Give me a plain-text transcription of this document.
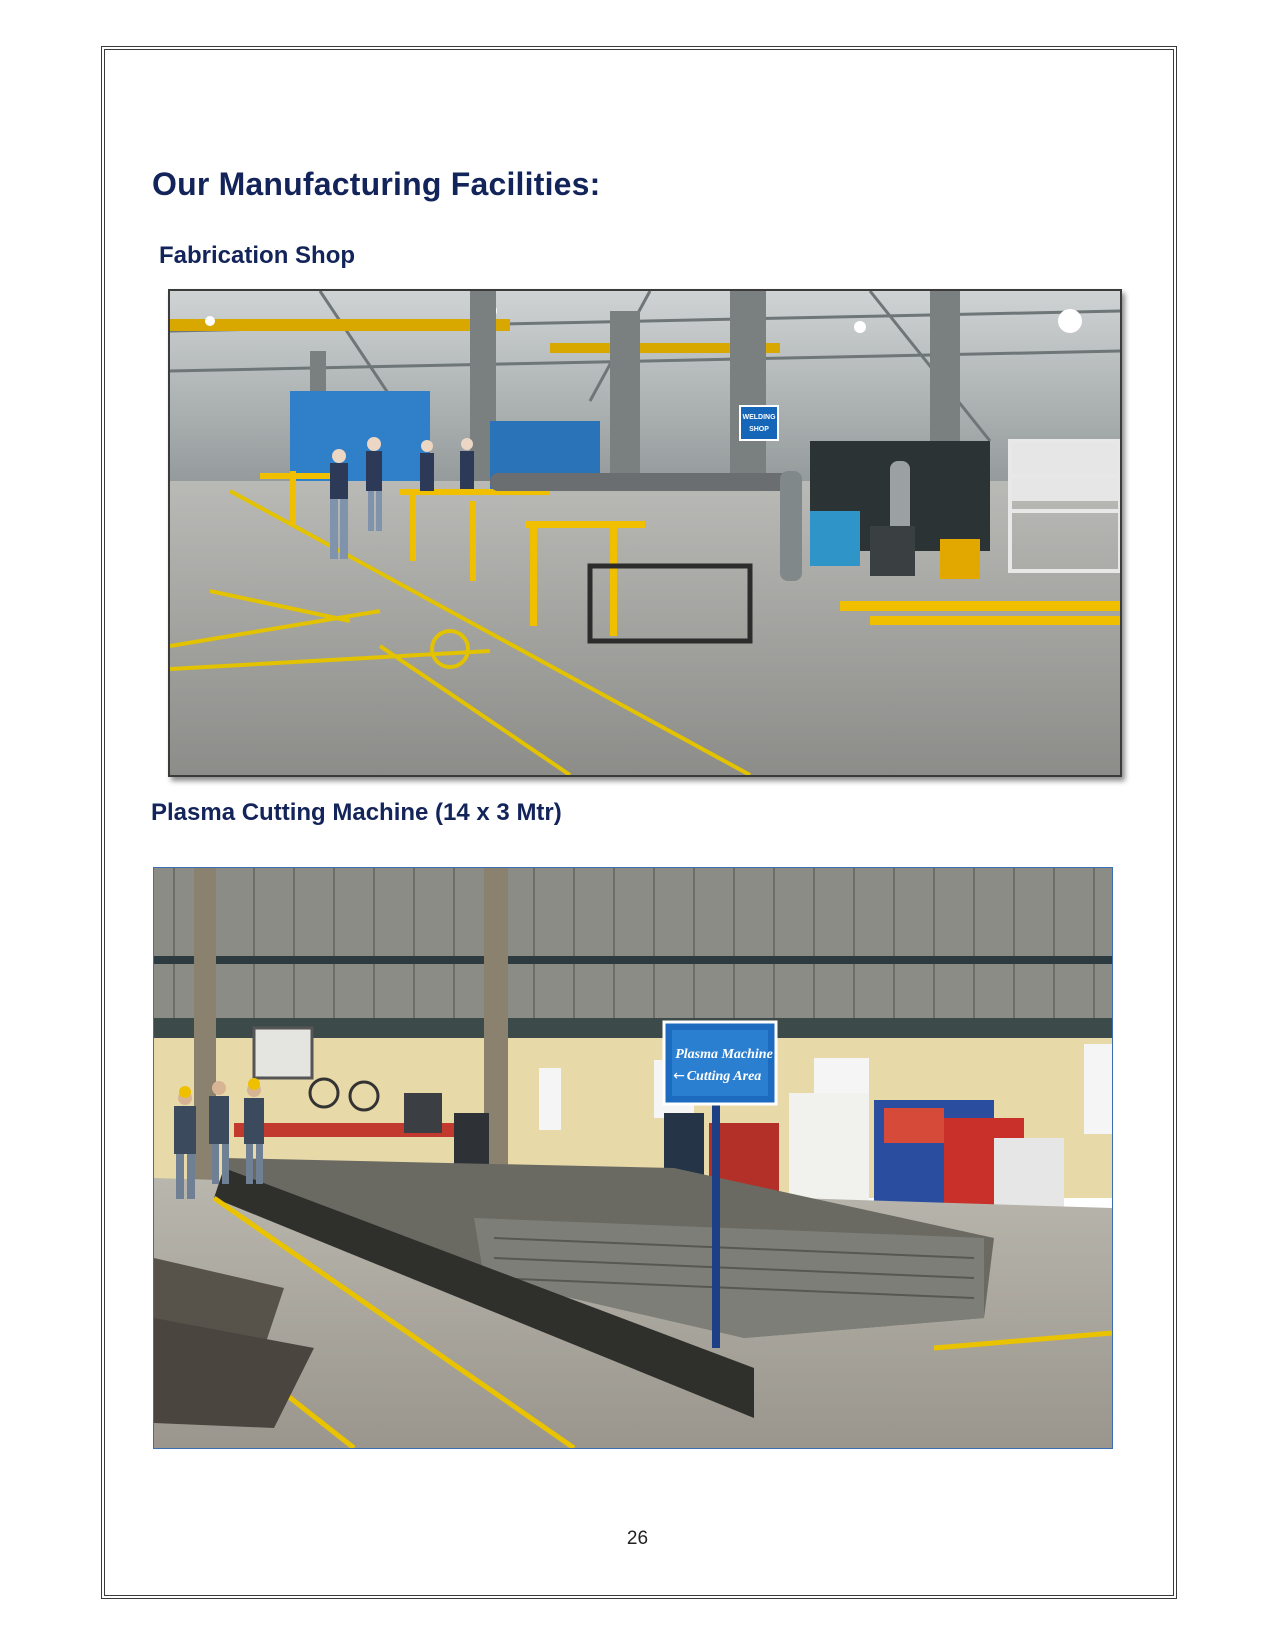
Our Manufacturing Facilities:
Fabrication Shop
WELDING
SHOP
Plasma Cutting Machine (14 x 3 Mtr)
Plasma Machine
Cutting Area
←
26
